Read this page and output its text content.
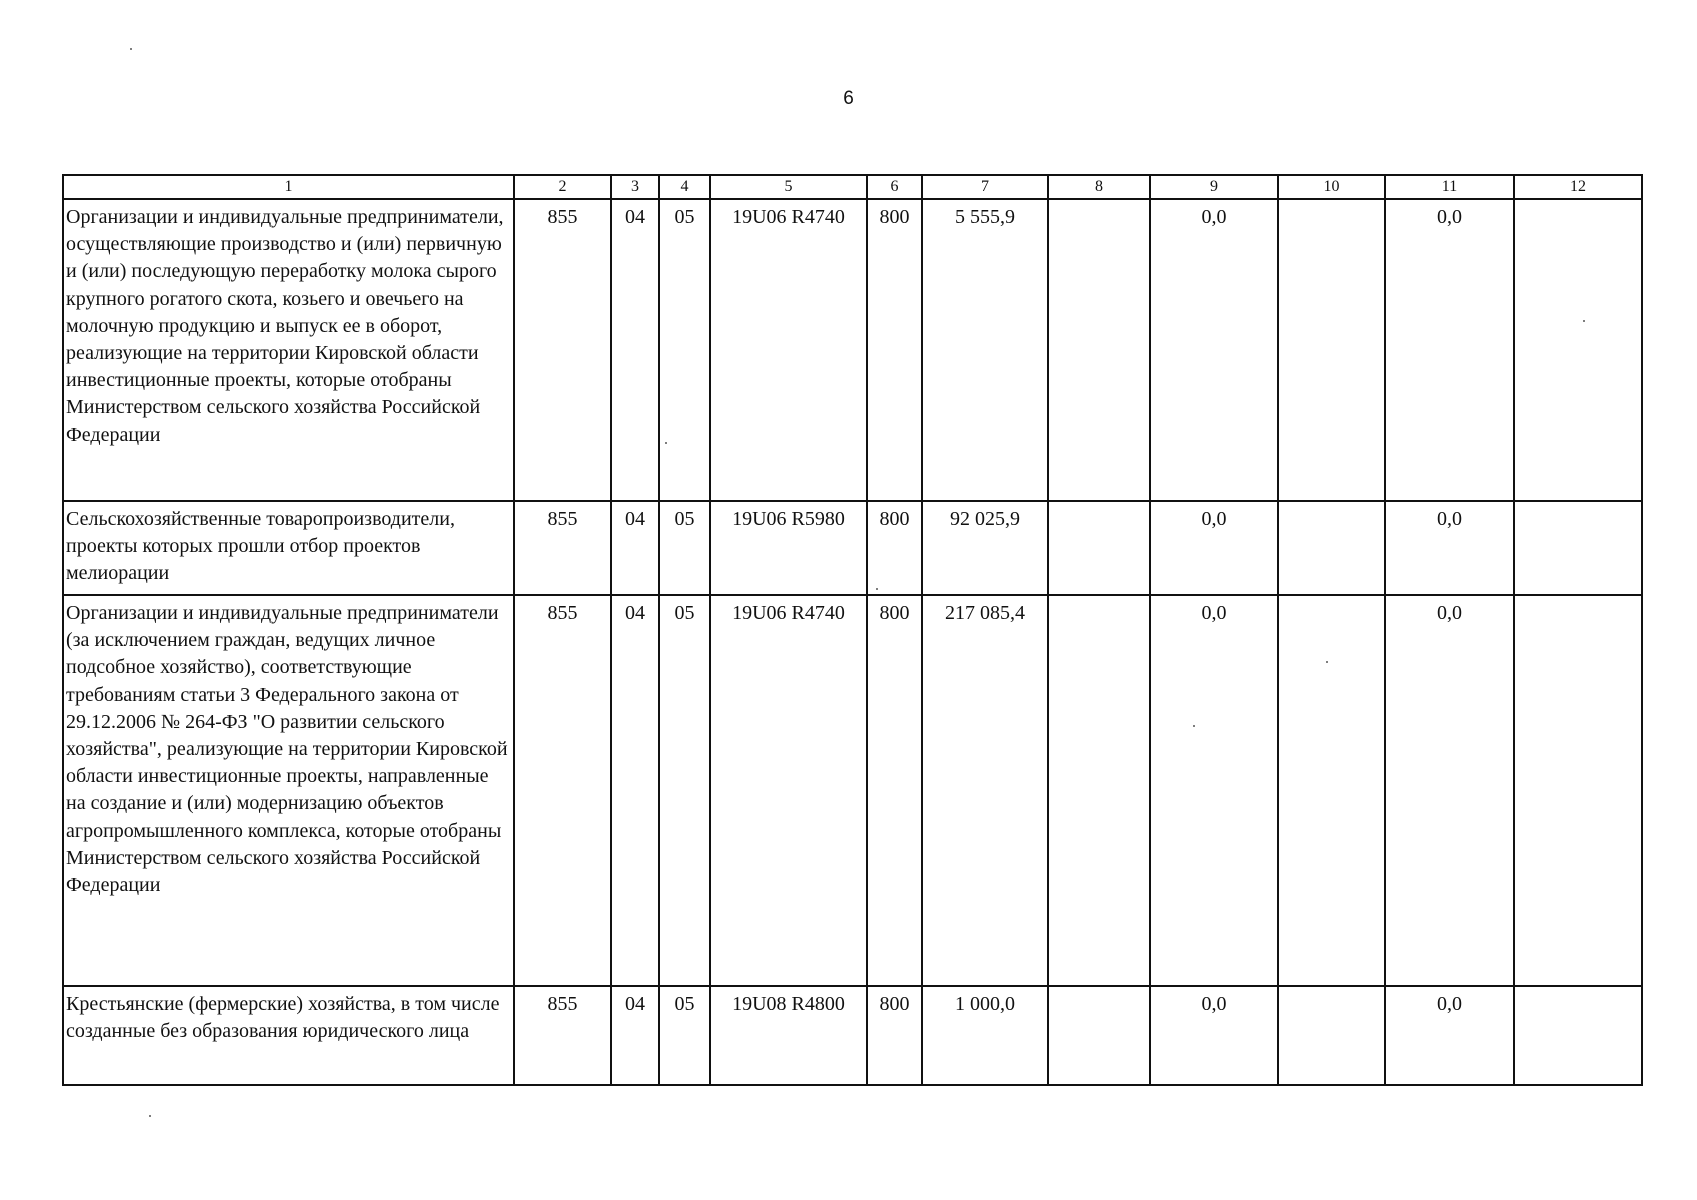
6
1	2	3	4	5	6	7	8	9	10	11	12
Организации и индивидуальные предприниматели, осуществляющие производство и (или) первичную и (или) последующую переработку молока сырого крупного рогатого скота, козьего и овечьего на молочную продукцию и выпуск ее в оборот, реализующие на территории Кировской области инвестиционные проекты, которые отобраны Министерством сельского хозяйства Российской Федерации	855	04	05	19U06 R4740	800	5 555,9		0,0		0,0	
Сельскохозяйственные товаропроизводители, проекты которых прошли отбор проектов мелиорации	855	04	05	19U06 R5980	800	92 025,9		0,0		0,0	
Организации и индивидуальные предприниматели (за исключением граждан, ведущих личное подсобное хозяйство), соответствующие требованиям статьи 3 Федерального закона от 29.12.2006 № 264-ФЗ "О развитии сельского хозяйства", реализующие на территории Кировской области инвестиционные проекты, направленные на создание и (или) модернизацию объектов агропромышленного комплекса, которые отобраны Министерством сельского хозяйства Российской Федерации	855	04	05	19U06 R4740	800	217 085,4		0,0		0,0	
Крестьянские (фермерские) хозяйства, в том числе созданные без образования юридического лица	855	04	05	19U08 R4800	800	1 000,0		0,0		0,0	
